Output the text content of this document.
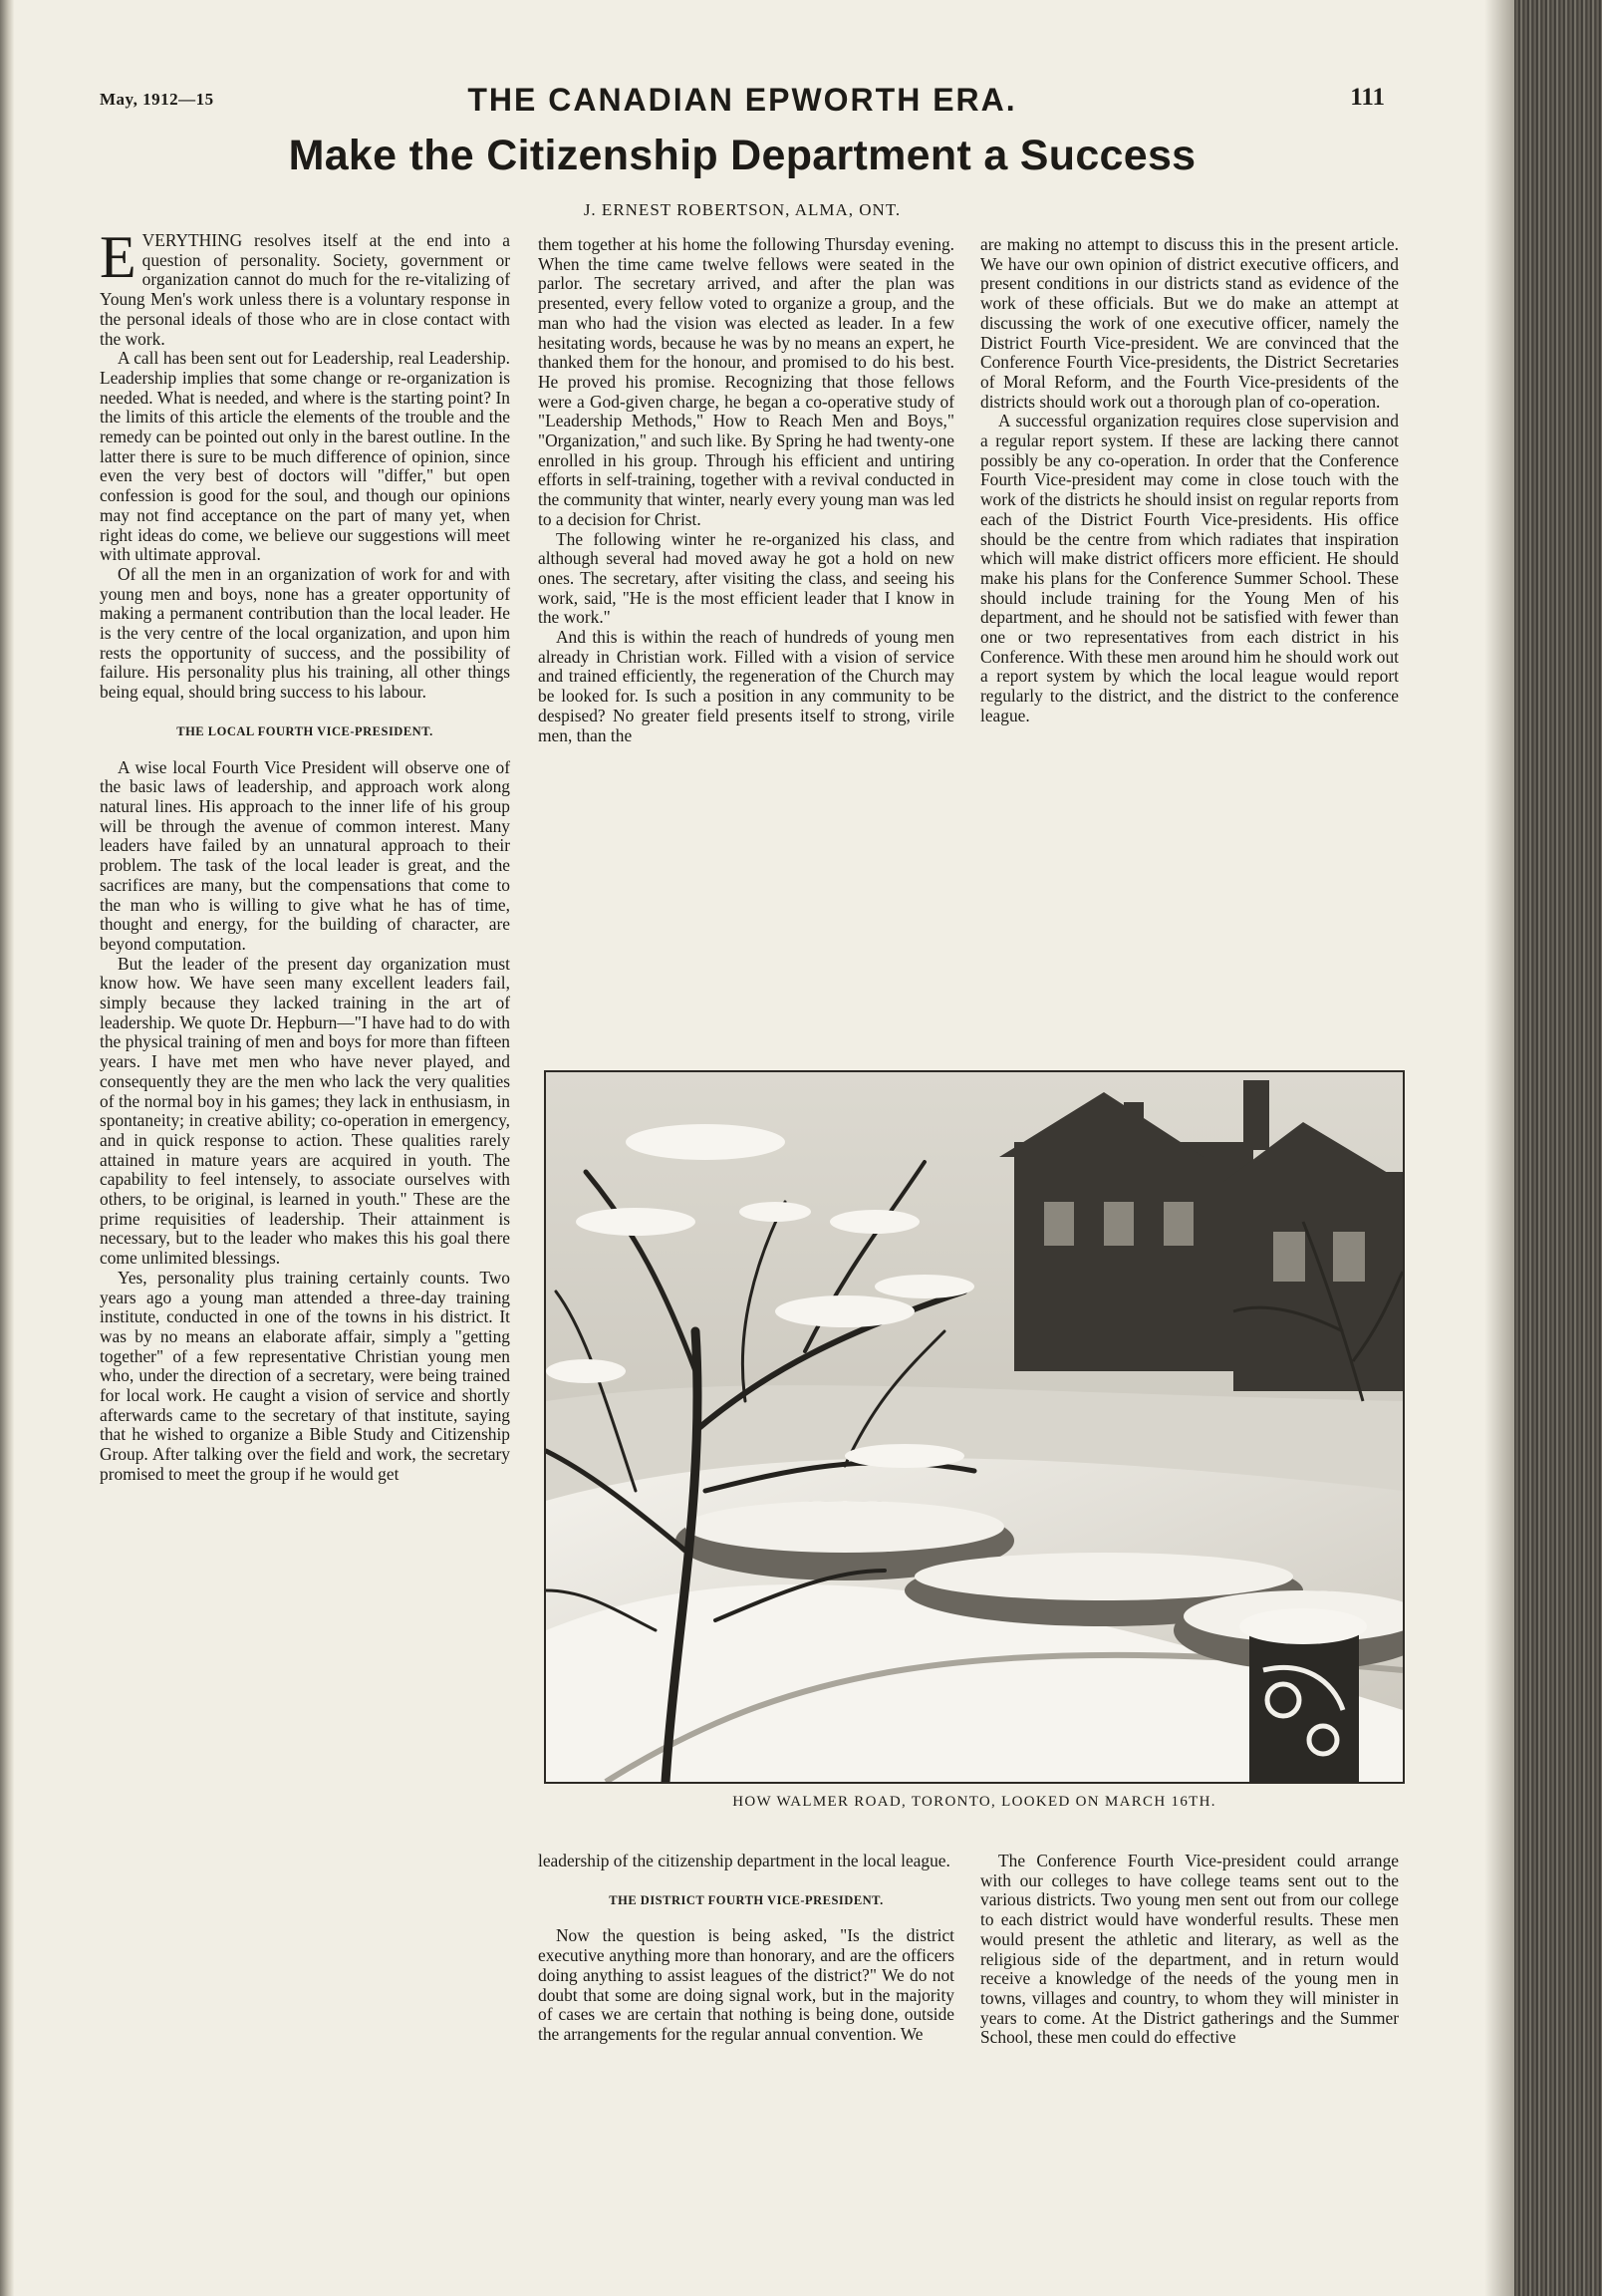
May, 1912—15	THE CANADIAN EPWORTH ERA.	111
Make the Citizenship Department a Success
J. ERNEST ROBERTSON, ALMA, ONT.

EVERYTHING resolves itself at the end into a question of personality. Society, government or organization cannot do much for the re-vitalizing of Young Men's work unless there is a voluntary response in the personal ideals of those who are in close contact with the work.

A call has been sent out for Leadership, real Leadership. Leadership implies that some change or re-organization is needed. What is needed, and where is the starting point? In the limits of this article the elements of the trouble and the remedy can be pointed out only in the barest outline. In the latter there is sure to be much difference of opinion, since even the very best of doctors will "differ," but open confession is good for the soul, and though our opinions may not find acceptance on the part of many yet, when right ideas do come, we believe our suggestions will meet with ultimate approval.

Of all the men in an organization of work for and with young men and boys, none has a greater opportunity of making a permanent contribution than the local leader. He is the very centre of the local organization, and upon him rests the opportunity of success, and the possibility of failure. His personality plus his training, all other things being equal, should bring success to his labour.

THE LOCAL FOURTH VICE-PRESIDENT.

A wise local Fourth Vice President will observe one of the basic laws of leadership, and approach work along natural lines. His approach to the inner life of his group will be through the avenue of common interest. Many leaders have failed by an unnatural approach to their problem. The task of the local leader is great, and the sacrifices are many, but the compensations that come to the man who is willing to give what he has of time, thought and energy, for the building of character, are beyond computation.

But the leader of the present day organization must know how. We have seen many excellent leaders fail, simply because they lacked training in the art of leadership. We quote Dr. Hepburn—"I have had to do with the physical training of men and boys for more than fifteen years. I have met men who have never played, and consequently they are the men who lack the very qualities of the normal boy in his games; they lack in enthusiasm, in spontaneity; in creative ability; co-operation in emergency, and in quick response to action. These qualities rarely attained in mature years are acquired in youth. The capability to feel intensely, to associate ourselves with others, to be original, is learned in youth." These are the prime requisities of leadership. Their attainment is necessary, but to the leader who makes this his goal there come unlimited blessings.

Yes, personality plus training certainly counts. Two years ago a young man attended a three-day training institute, conducted in one of the towns in his district. It was by no means an elaborate affair, simply a "getting together" of a few representative Christian young men who, under the direction of a secretary, were being trained for local work. He caught a vision of service and shortly afterwards came to the secretary of that institute, saying that he wished to organize a Bible Study and Citizenship Group. After talking over the field and work, the secretary promised to meet the group if he would get

them together at his home the following Thursday evening. When the time came twelve fellows were seated in the parlor. The secretary arrived, and after the plan was presented, every fellow voted to organize a group, and the man who had the vision was elected as leader. In a few hesitating words, because he was by no means an expert, he thanked them for the honour, and promised to do his best. He proved his promise. Recognizing that those fellows were a God-given charge, he began a co-operative study of "Leadership Methods," How to Reach Men and Boys," "Organization," and such like. By Spring he had twenty-one enrolled in his group. Through his efficient and untiring efforts in self-training, together with a revival conducted in the community that winter, nearly every young man was led to a decision for Christ.

The following winter he re-organized his class, and although several had moved away he got a hold on new ones. The secretary, after visiting the class, and seeing his work, said, "He is the most efficient leader that I know in the work."

And this is within the reach of hundreds of young men already in Christian work. Filled with a vision of service and trained efficiently, the regeneration of the Church may be looked for. Is such a position in any community to be despised? No greater field presents itself to strong, virile men, than the

are making no attempt to discuss this in the present article. We have our own opinion of district executive officers, and present conditions in our districts stand as evidence of the work of these officials. But we do make an attempt at discussing the work of one executive officer, namely the District Fourth Vice-president. We are convinced that the Conference Fourth Vice-presidents, the District Secretaries of Moral Reform, and the Fourth Vice-presidents of the districts should work out a thorough plan of co-operation.

A successful organization requires close supervision and a regular report system. If these are lacking there cannot possibly be any co-operation. In order that the Conference Fourth Vice-president may come in close touch with the work of the districts he should insist on regular reports from each of the District Fourth Vice-presidents. His office should be the centre from which radiates that inspiration which will make district officers more efficient. He should make his plans for the Conference Summer School. These should include training for the Young Men of his department, and he should not be satisfied with fewer than one or two representatives from each district in his Conference. With these men around him he should work out a report system by which the local league would report regularly to the district, and the district to the conference league.

HOW WALMER ROAD, TORONTO, LOOKED ON MARCH 16TH.

leadership of the citizenship department in the local league.

THE DISTRICT FOURTH VICE-PRESIDENT.

Now the question is being asked, "Is the district executive anything more than honorary, and are the officers doing anything to assist leagues of the district?" We do not doubt that some are doing signal work, but in the majority of cases we are certain that nothing is being done, outside the arrangements for the regular annual convention. We

The Conference Fourth Vice-president could arrange with our colleges to have college teams sent out to the various districts. Two young men sent out from our college to each district would have wonderful results. These men would present the athletic and literary, as well as the religious side of the department, and in return would receive a knowledge of the needs of the young men in towns, villages and country, to whom they will minister in years to come. At the District gatherings and the Summer School, these men could do effective
